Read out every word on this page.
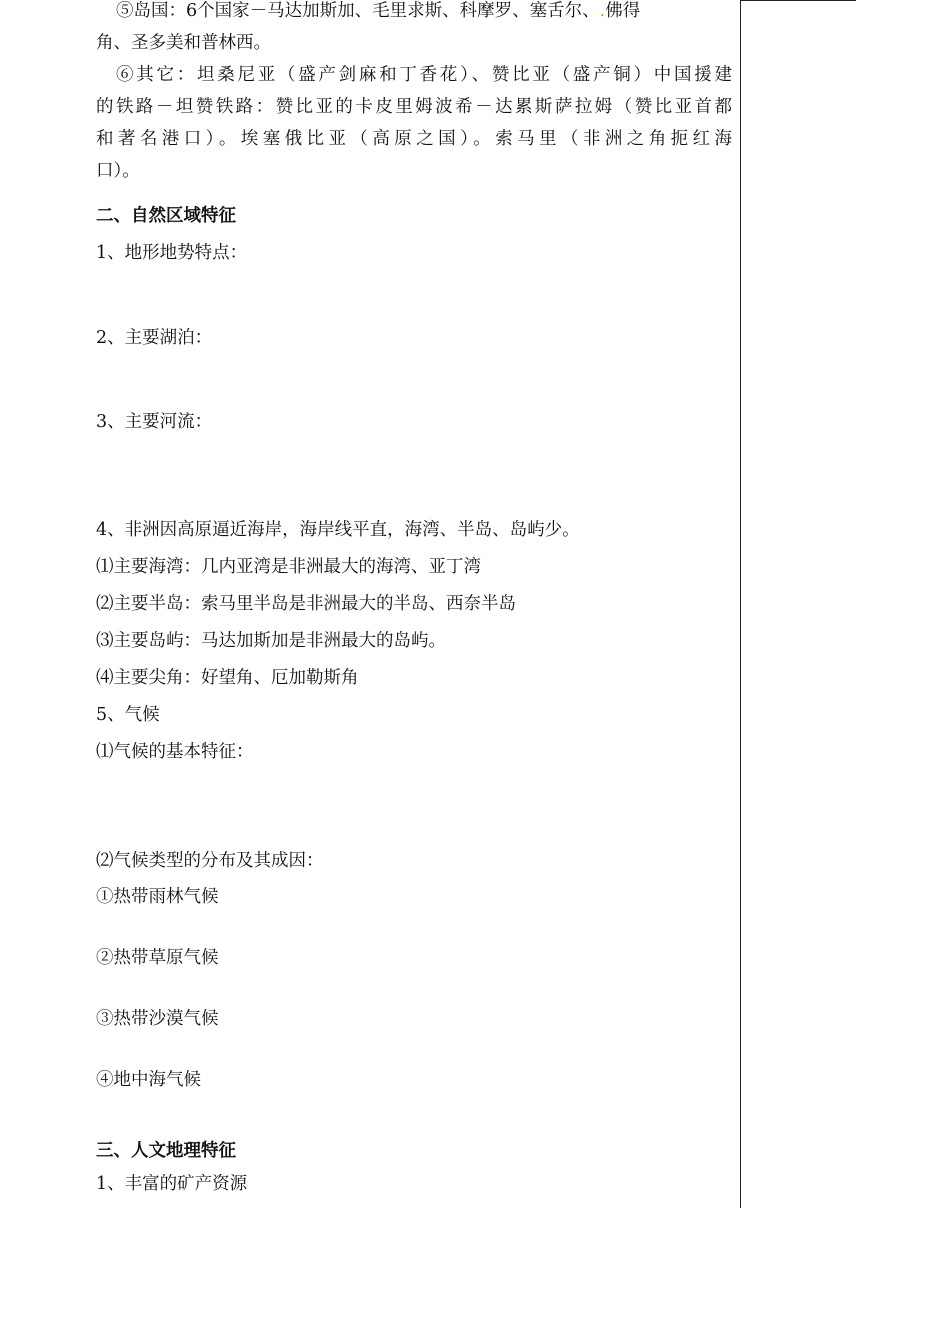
⑤岛国：6个国家－马达加斯加、毛里求斯、科摩罗、塞舌尔、.佛得
角、圣多美和普林西。
⑥其它：坦桑尼亚（盛产剑麻和丁香花）、赞比亚（盛产铜）中国援建
的铁路－坦赞铁路：赞比亚的卡皮里姆波希－达累斯萨拉姆（赞比亚首都
和著名港口）。埃塞俄比亚（高原之国）。索马里（非洲之角扼红海
口）。
二、自然区域特征
1、地形地势特点：
2、主要湖泊：
3、主要河流：
4、非洲因高原逼近海岸，海岸线平直，海湾、半岛、岛屿少。
⑴主要海湾：几内亚湾是非洲最大的海湾、亚丁湾
⑵主要半岛：索马里半岛是非洲最大的半岛、西奈半岛
⑶主要岛屿：马达加斯加是非洲最大的岛屿。
⑷主要尖角：好望角、厄加勒斯角
5、气候
⑴气候的基本特征：
⑵气候类型的分布及其成因：
①热带雨林气候
②热带草原气候
③热带沙漠气候
④地中海气候
三、人文地理特征
1、丰富的矿产资源
